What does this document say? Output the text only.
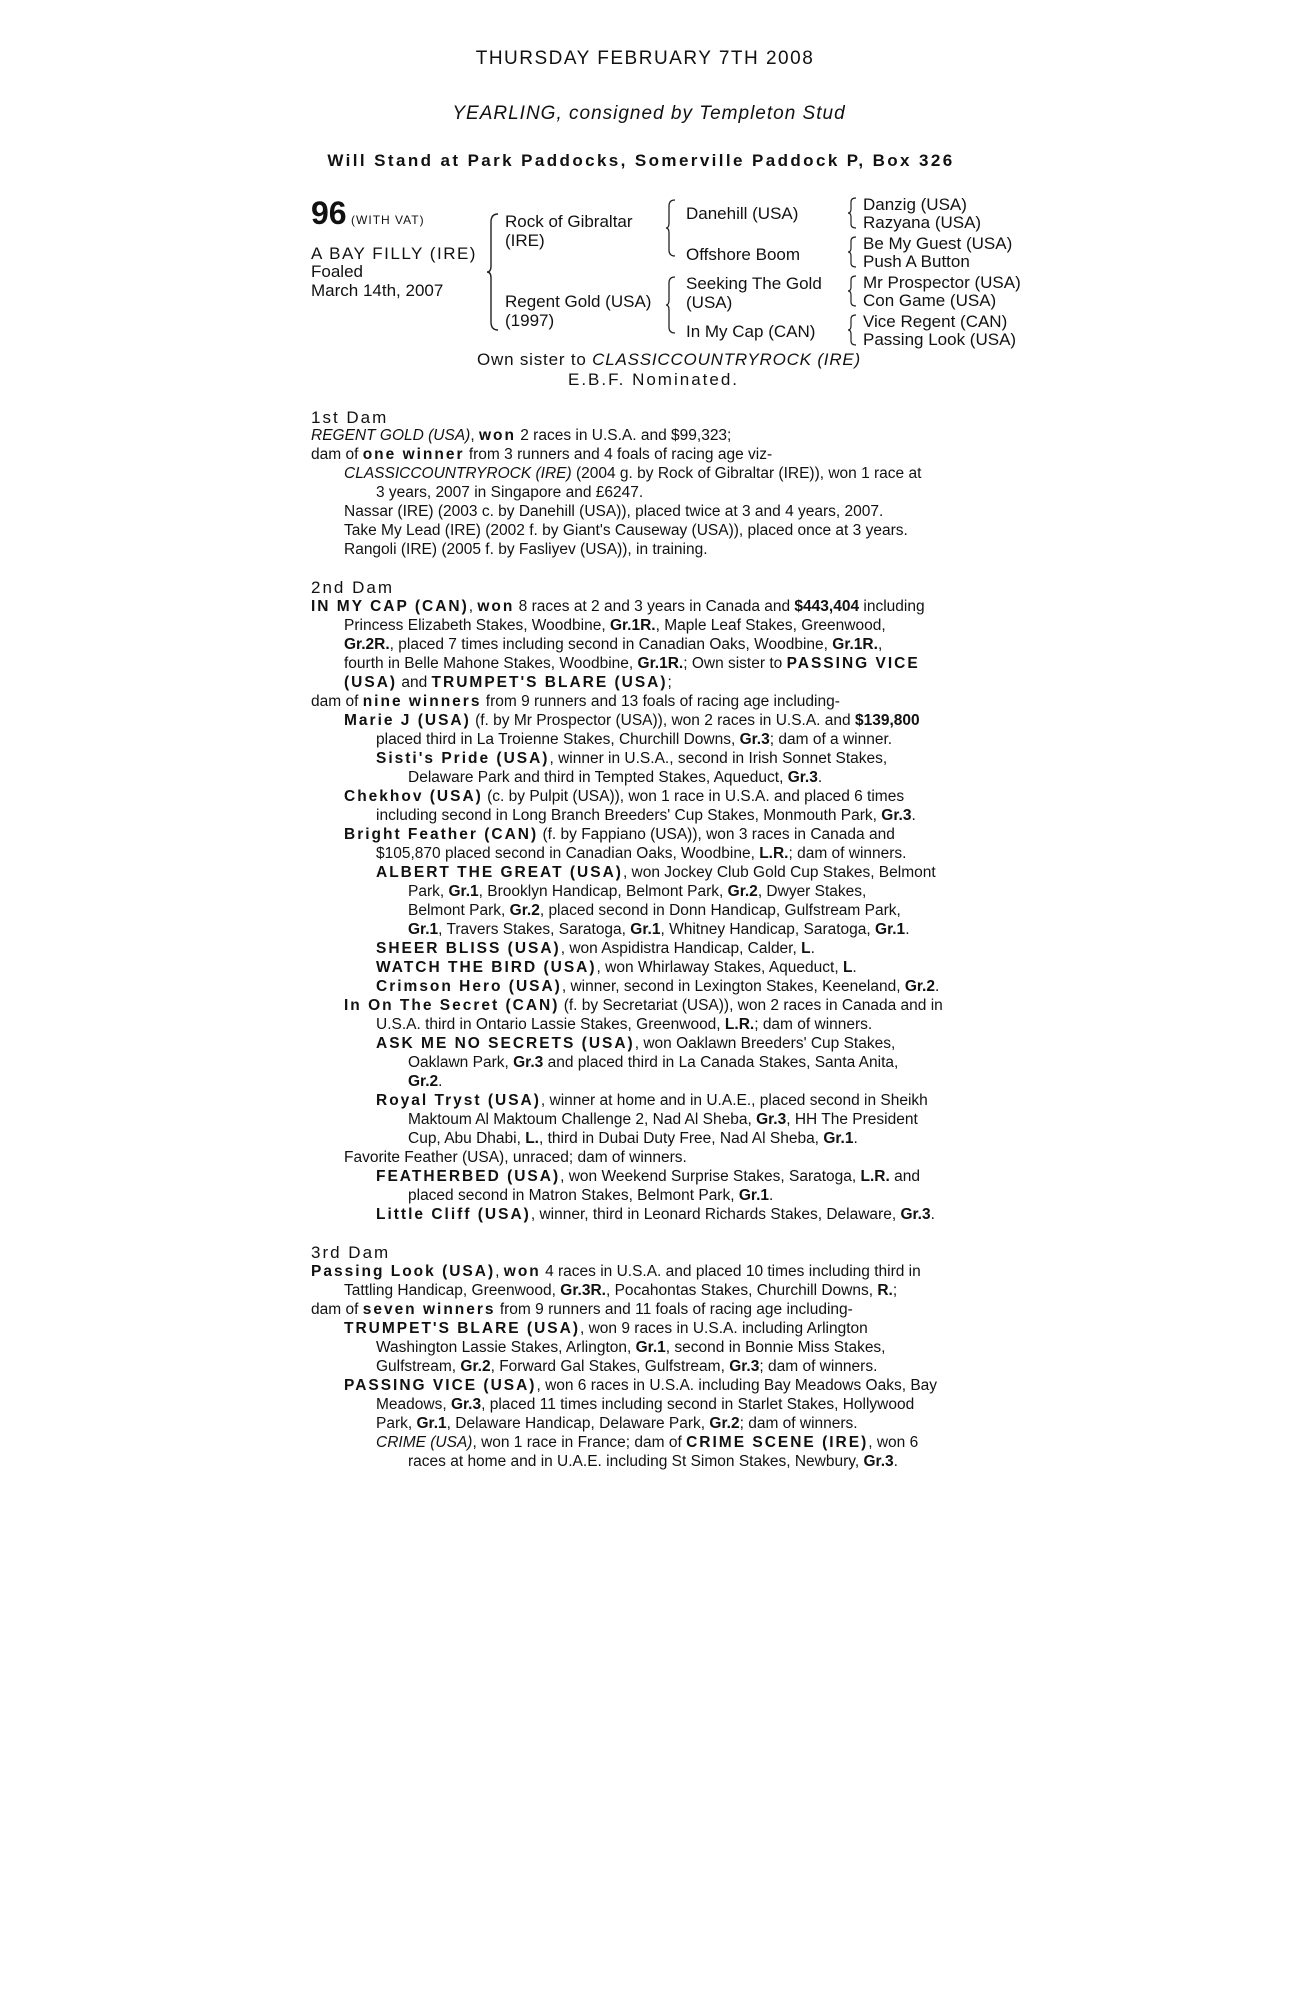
THURSDAY FEBRUARY 7TH 2008
YEARLING, consigned by Templeton Stud
Will Stand at Park Paddocks, Somerville Paddock P, Box 326
96 (WITH VAT)
A BAY FILLY (IRE)
Foaled
March 14th, 2007
Rock of Gibraltar
(IRE)
Regent Gold (USA)
(1997)
Danehill (USA)
Offshore Boom
Seeking The Gold
(USA)
In My Cap (CAN)
Danzig (USA)
Razyana (USA)
Be My Guest (USA)
Push A Button
Mr Prospector (USA)
Con Game (USA)
Vice Regent (CAN)
Passing Look (USA)
Own sister to CLASSICCOUNTRYROCK (IRE)
E.B.F. Nominated.
1st Dam
REGENT GOLD (USA), won 2 races in U.S.A. and $99,323;
dam of one winner from 3 runners and 4 foals of racing age viz-
CLASSICCOUNTRYROCK (IRE) (2004 g. by Rock of Gibraltar (IRE)), won 1 race at
3 years, 2007 in Singapore and £6247.
Nassar (IRE) (2003 c. by Danehill (USA)), placed twice at 3 and 4 years, 2007.
Take My Lead (IRE) (2002 f. by Giant's Causeway (USA)), placed once at 3 years.
Rangoli (IRE) (2005 f. by Fasliyev (USA)), in training.
2nd Dam
IN MY CAP (CAN), won 8 races at 2 and 3 years in Canada and $443,404 including
Princess Elizabeth Stakes, Woodbine, Gr.1R., Maple Leaf Stakes, Greenwood,
Gr.2R., placed 7 times including second in Canadian Oaks, Woodbine, Gr.1R.,
fourth in Belle Mahone Stakes, Woodbine, Gr.1R.; Own sister to PASSING VICE
(USA) and TRUMPET'S BLARE (USA);
dam of nine winners from 9 runners and 13 foals of racing age including-
Marie J (USA) (f. by Mr Prospector (USA)), won 2 races in U.S.A. and $139,800
placed third in La Troienne Stakes, Churchill Downs, Gr.3; dam of a winner.
Sisti's Pride (USA), winner in U.S.A., second in Irish Sonnet Stakes,
Delaware Park and third in Tempted Stakes, Aqueduct, Gr.3.
Chekhov (USA) (c. by Pulpit (USA)), won 1 race in U.S.A. and placed 6 times
including second in Long Branch Breeders' Cup Stakes, Monmouth Park, Gr.3.
Bright Feather (CAN) (f. by Fappiano (USA)), won 3 races in Canada and
$105,870 placed second in Canadian Oaks, Woodbine, L.R.; dam of winners.
ALBERT THE GREAT (USA), won Jockey Club Gold Cup Stakes, Belmont
Park, Gr.1, Brooklyn Handicap, Belmont Park, Gr.2, Dwyer Stakes,
Belmont Park, Gr.2, placed second in Donn Handicap, Gulfstream Park,
Gr.1, Travers Stakes, Saratoga, Gr.1, Whitney Handicap, Saratoga, Gr.1.
SHEER BLISS (USA), won Aspidistra Handicap, Calder, L.
WATCH THE BIRD (USA), won Whirlaway Stakes, Aqueduct, L.
Crimson Hero (USA), winner, second in Lexington Stakes, Keeneland, Gr.2.
In On The Secret (CAN) (f. by Secretariat (USA)), won 2 races in Canada and in
U.S.A. third in Ontario Lassie Stakes, Greenwood, L.R.; dam of winners.
ASK ME NO SECRETS (USA), won Oaklawn Breeders' Cup Stakes,
Oaklawn Park, Gr.3 and placed third in La Canada Stakes, Santa Anita,
Gr.2.
Royal Tryst (USA), winner at home and in U.A.E., placed second in Sheikh
Maktoum Al Maktoum Challenge 2, Nad Al Sheba, Gr.3, HH The President
Cup, Abu Dhabi, L., third in Dubai Duty Free, Nad Al Sheba, Gr.1.
Favorite Feather (USA), unraced; dam of winners.
FEATHERBED (USA), won Weekend Surprise Stakes, Saratoga, L.R. and
placed second in Matron Stakes, Belmont Park, Gr.1.
Little Cliff (USA), winner, third in Leonard Richards Stakes, Delaware, Gr.3.
3rd Dam
Passing Look (USA), won 4 races in U.S.A. and placed 10 times including third in
Tattling Handicap, Greenwood, Gr.3R., Pocahontas Stakes, Churchill Downs, R.;
dam of seven winners from 9 runners and 11 foals of racing age including-
TRUMPET'S BLARE (USA), won 9 races in U.S.A. including Arlington
Washington Lassie Stakes, Arlington, Gr.1, second in Bonnie Miss Stakes,
Gulfstream, Gr.2, Forward Gal Stakes, Gulfstream, Gr.3; dam of winners.
PASSING VICE (USA), won 6 races in U.S.A. including Bay Meadows Oaks, Bay
Meadows, Gr.3, placed 11 times including second in Starlet Stakes, Hollywood
Park, Gr.1, Delaware Handicap, Delaware Park, Gr.2; dam of winners.
CRIME (USA), won 1 race in France; dam of CRIME SCENE (IRE), won 6
races at home and in U.A.E. including St Simon Stakes, Newbury, Gr.3.
